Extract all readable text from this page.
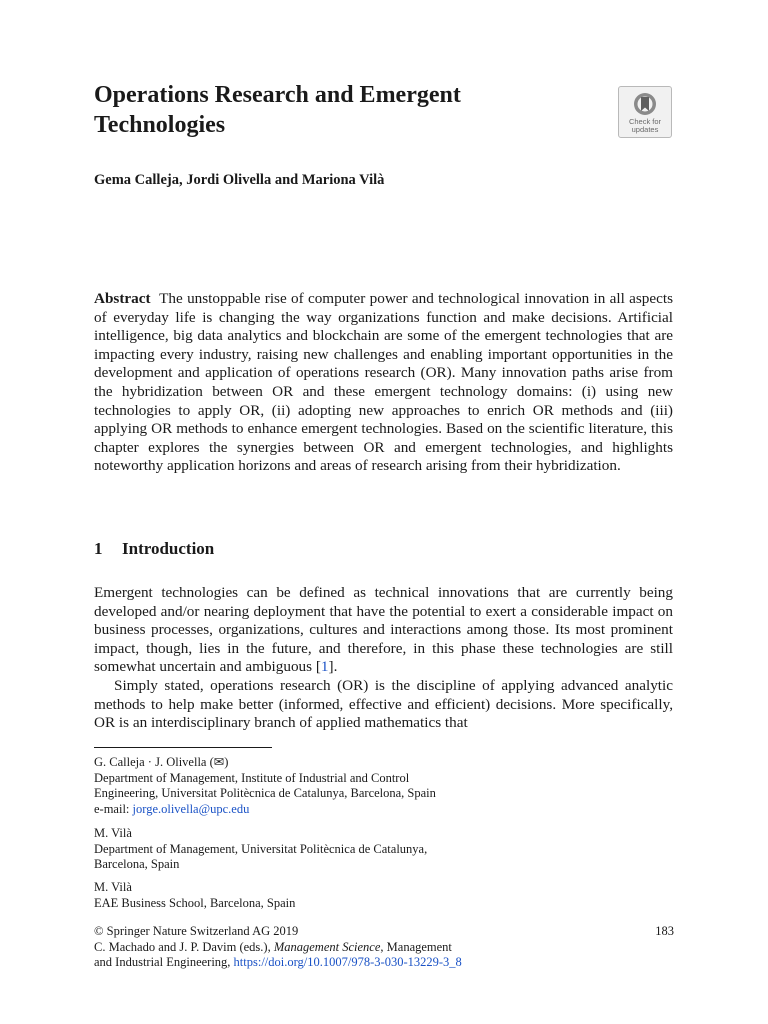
Operations Research and Emergent Technologies	Check for
updates
Gema Calleja, Jordi Olivella and Mariona Vilà
Abstract The unstoppable rise of computer power and technological innovation in all aspects of everyday life is changing the way organizations function and make decisions. Artificial intelligence, big data analytics and blockchain are some of the emergent technologies that are impacting every industry, raising new challenges and enabling important opportunities in the development and application of operations research (OR). Many innovation paths arise from the hybridization between OR and these emergent technology domains: (i) using new technologies to apply OR, (ii) adopting new approaches to enrich OR methods and (iii) applying OR methods to enhance emergent technologies. Based on the scientific literature, this chapter explores the synergies between OR and emergent technologies, and highlights noteworthy application horizons and areas of research arising from their hybridization.
1 Introduction

Emergent technologies can be defined as technical innovations that are currently being developed and/or nearing deployment that have the potential to exert a considerable impact on business processes, organizations, cultures and interactions among those. Its most prominent impact, though, lies in the future, and therefore, in this phase these technologies are still somewhat uncertain and ambiguous [1].

Simply stated, operations research (OR) is the discipline of applying advanced analytic methods to help make better (informed, effective and efficient) decisions. More specifically, OR is an interdisciplinary branch of applied mathematics that

G. Calleja · J. Olivella (✉)
Department of Management, Institute of Industrial and Control
Engineering, Universitat Politècnica de Catalunya, Barcelona, Spain
e-mail: jorge.olivella@upc.edu
M. Vilà
Department of Management, Universitat Politècnica de Catalunya,
Barcelona, Spain
M. Vilà
EAE Business School, Barcelona, Spain
© Springer Nature Switzerland AG 2019	183
C. Machado and J. P. Davim (eds.), Management Science, Management
and Industrial Engineering, https://doi.org/10.1007/978-3-030-13229-3_8
